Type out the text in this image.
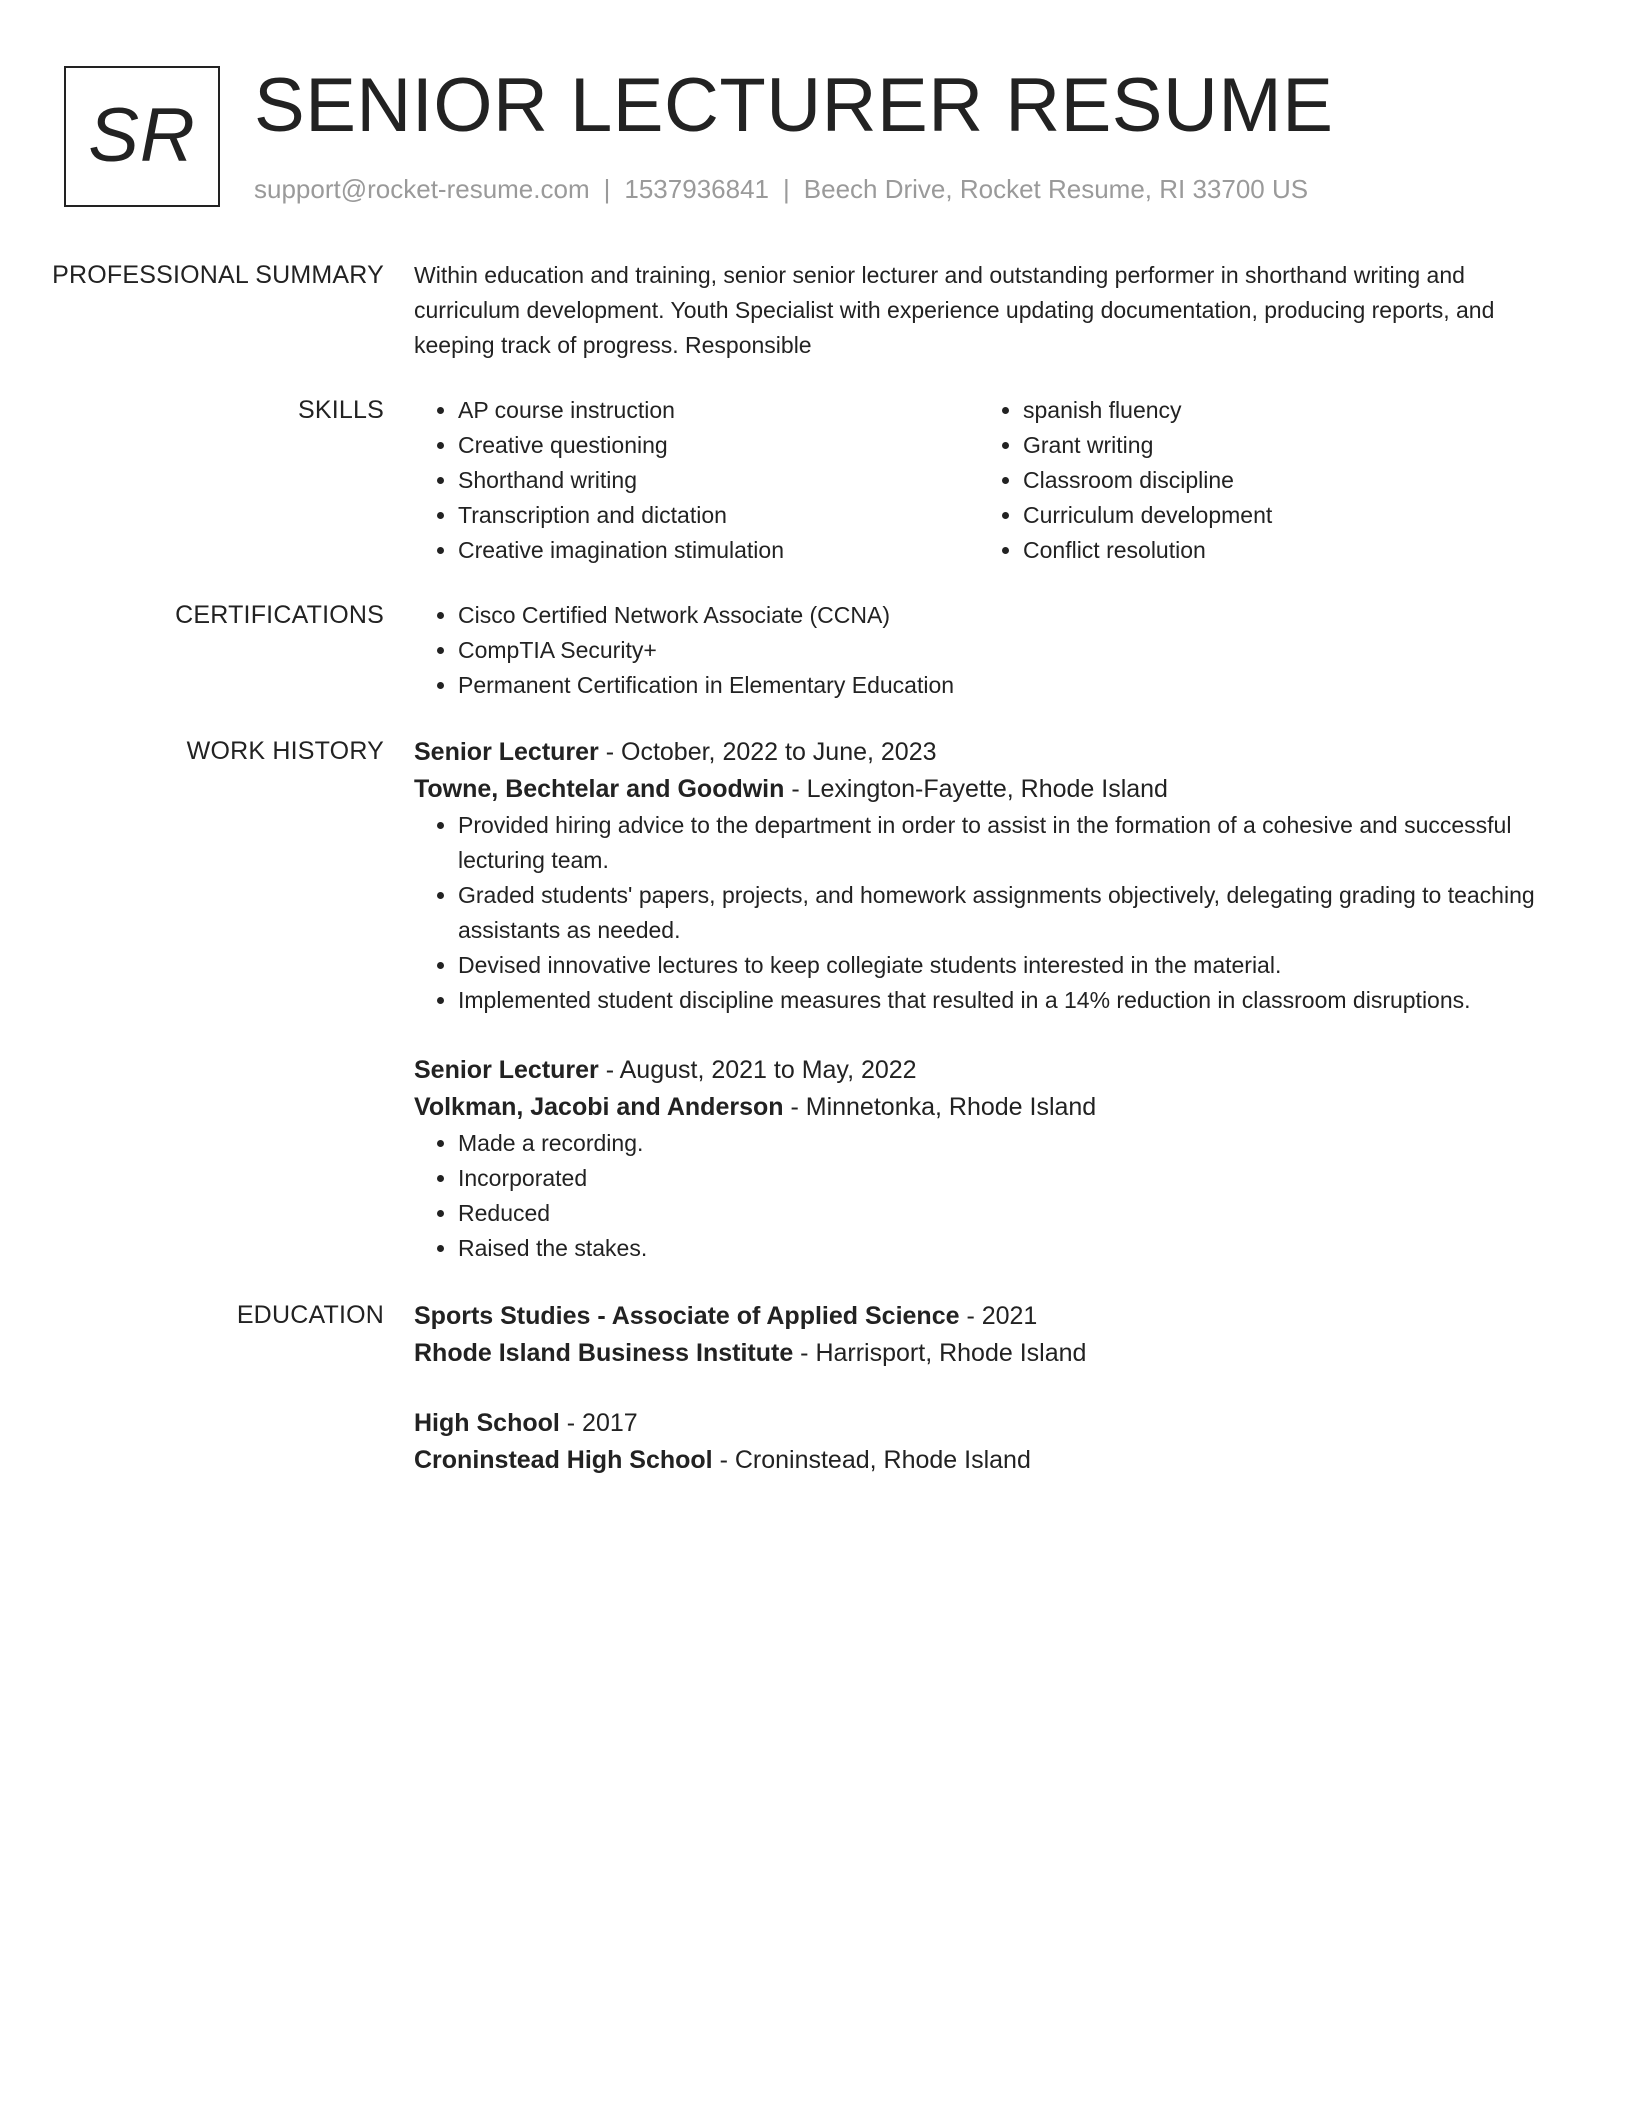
SR SENIOR LECTURER RESUME
support@rocket-resume.com | 1537936841 | Beech Drive, Rocket Resume, RI 33700 US
PROFESSIONAL SUMMARY	Within education and training, senior senior lecturer and outstanding performer in shorthand writing and curriculum development. Youth Specialist with experience updating documentation, producing reports, and keeping track of progress. Responsible

SKILLS	• AP course instruction
• Creative questioning
• Shorthand writing
• Transcription and dictation
• Creative imagination stimulation
• spanish fluency
• Grant writing
• Classroom discipline
• Curriculum development
• Conflict resolution
CERTIFICATIONS	• Cisco Certified Network Associate (CCNA)
• CompTIA Security+
• Permanent Certification in Elementary Education
WORK HISTORY	Senior Lecturer - October, 2022 to June, 2023
Towne, Bechtelar and Goodwin - Lexington-Fayette, Rhode Island
• Provided hiring advice to the department in order to assist in the formation of a cohesive and successful lecturing team.
• Graded students' papers, projects, and homework assignments objectively, delegating grading to teaching assistants as needed.
• Devised innovative lectures to keep collegiate students interested in the material.
• Implemented student discipline measures that resulted in a 14% reduction in classroom disruptions.
Senior Lecturer - August, 2021 to May, 2022
Volkman, Jacobi and Anderson - Minnetonka, Rhode Island
• Made a recording.
• Incorporated
• Reduced
• Raised the stakes.
EDUCATION	Sports Studies - Associate of Applied Science - 2021
Rhode Island Business Institute - Harrisport, Rhode Island
High School - 2017
Croninstead High School - Croninstead, Rhode Island
